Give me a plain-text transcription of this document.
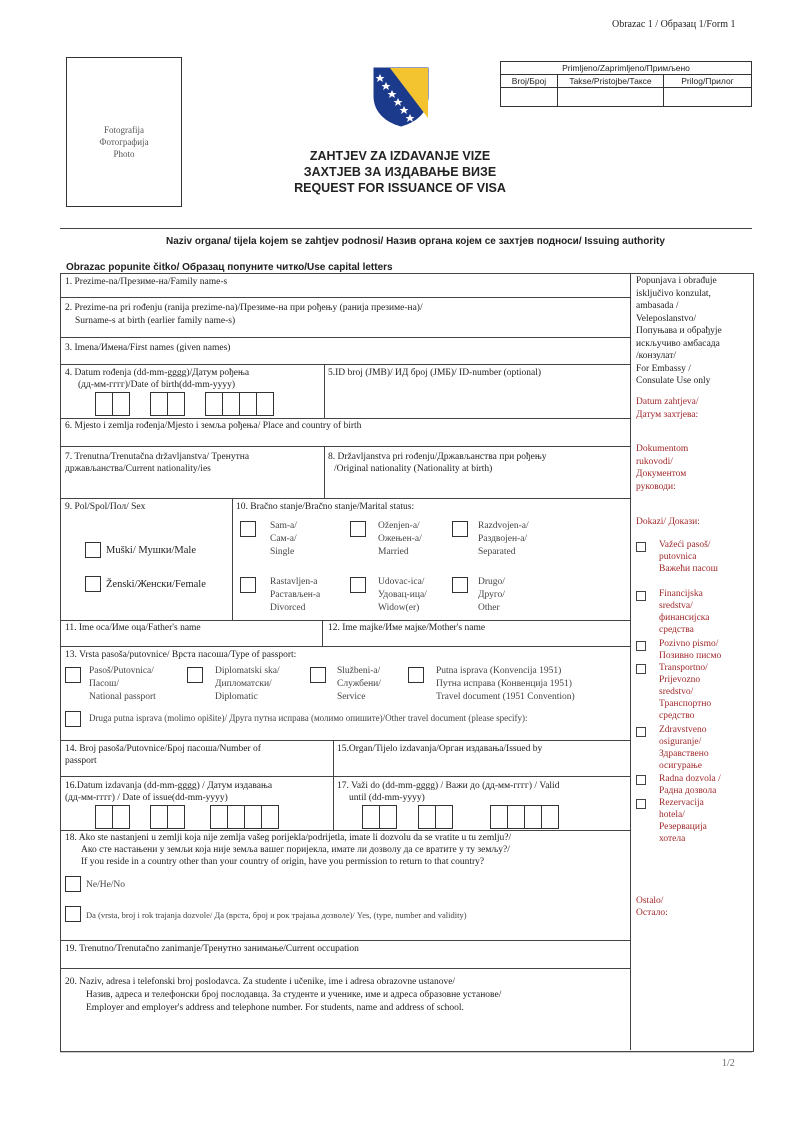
Obrazac 1 / Образац 1/Form 1
Fotografija
Фотографија
Photo
Primljeno/Zaprimljeno/Примљено
Broj/Број	Takse/Pristojbe/Таксе	Prilog/Прилог
ZAHTJEV ZA IZDAVANJE VIZE
ЗАХТЈЕВ ЗА ИЗДАВАЊЕ ВИЗЕ
REQUEST FOR ISSUANCE OF VISA
Naziv organa/ tijela kojem se zahtjev podnosi/ Назив органа којем се захтјев подноси/ Issuing authority
Obrazac popunite čitko/ Образац попуните читко/Use capital letters
1. Prezime-na/Презиме-на/Family name-s
2. Prezime-na pri rođenju (ranija prezime-na)/Презиме-на при рођењу (ранија презиме-на)/
Surname-s at birth (earlier family name-s)
3. Imena/Имена/First names (given names)
4. Datum rođenja (dd-mm-gggg)/Датум рођења
(дд-мм-гггг)/Date of birth(dd-mm-yyyy)
5.ID broj (JMB)/ ИД број (ЈМБ)/ ID-number (optional)
6. Mjesto i zemlja rođenja/Mjesto i земља рођења/ Place and country of birth
7. Trenutna/Trenutačna državljanstva/ Тренутна
држављанства/Current nationality/ies
8. Državljanstva pri rođenju/Држављанства при рођењу
/Original nationality (Nationality at birth)
9. Pol/Spol/Пол/ Sex
Muški/ Мушки/Male
Ženski/Женски/Female
10. Bračno stanje/Bračno stanje/Marital status:
Sam-a/
Сам-а/
Single
Oženjen-a/
Ожењен-а/
Married
Razdvojen-a/
Раздвојен-а/
Separated
Rastavljen-a
Растављен-а
Divorced
Udovac-ica/
Удовац-ица/
Widow(er)
Drugo/
Друго/
Other
11. Ime oca/Име оца/Father's name	12. Ime majke/Име мајке/Mother's name
13. Vrsta pasoša/putovnice/ Врста пасоша/Type of passport:
Pasoš/Putovnica/
Пасош/
National passport
Diplomatski ska/
Дипломатски/
Diplomatic
Službeni-a/
Службени/
Service
Putna isprava (Konvencija 1951)
Путна исправа (Конвенција 1951)
Travel document (1951 Convention)
Druga putna isprava (molimo opišite)/ Друга путна исправа (молимо опишите)/Other travel document (please specify):
14. Broj pasoša/Putovnice/Број пасоша/Number of
passport
15.Organ/Tijelo izdavanja/Орган издавања/Issued by
16.Datum izdavanja (dd-mm-gggg) / Датум издавања
(дд-мм-гггг) / Date of issue(dd-mm-yyyy)
17. Važi do (dd-mm-gggg) / Важи до (дд-мм-гггг) / Valid
until (dd-mm-yyyy)
18. Ako ste nastanjeni u zemlji koja nije zemlja vašeg porijekla/podrijetla, imate li dozvolu da se vratite u tu zemlju?/
Ако сте настањени у земљи која није земља вашег поријекла, имате ли дозволу да се вратите у ту земљу?/
If you reside in a country other than your country of origin, have you permission to return to that country?
Ne/Не/No
Da (vrsta, broj i rok trajanja dozvole/ Да (врста, број и рок трајања дозволе)/ Yes, (type, number and validity)
19. Trenutno/Trenutačno zanimanje/Тренутно занимање/Current occupation
20. Naziv, adresa i telefonski broj poslodavca. Za studente i učenike, ime i adresa obrazovne ustanove/
Назив, адреса и телефонски број послодавца. За студенте и ученике, име и адреса образовне установе/
Employer and employer's address and telephone number. For students, name and address of school.
Popunjava i obrađuje
isključivo konzulat,
ambasada /
Veleposlanstvo/
Попуњава и обрађује
искључиво амбасада
/конзулат/
For Embassy /
Consulate Use only
Datum zahtjeva/
Датум захтјева:
Dokumentom
rukovodi/
Документом
руководи:
Dokazi/ Докази:
Važeći pasoš/
putovnica
Важећи пасош
Financijska
sredstva/
финансијска
средства
Pozivno pismo/
Позивно писмо
Transportno/
Prijevozno
sredstvo/
Транспортно
средство
Zdravstveno
osiguranje/
Здравствено
осигурање
Radna dozvola /
Радна дозвола
Rezervacija
hotela/
Резервација
хотела
Ostalo/
Остало:
1/2
